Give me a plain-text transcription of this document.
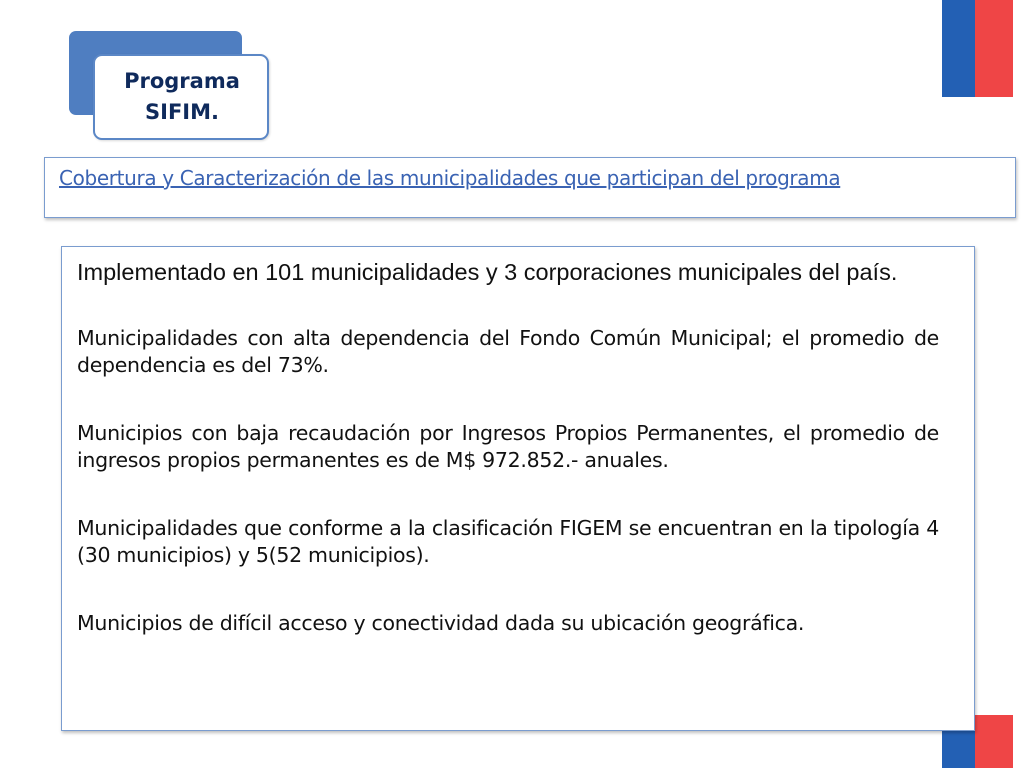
Programa
SIFIM.
Cobertura y Caracterización de las municipalidades que participan del programa

Implementado en 101 municipalidades y 3 corporaciones municipales del país.

Municipalidades con alta dependencia del Fondo Común Municipal; el promedio de dependencia es del 73%.

Municipios con baja recaudación por Ingresos Propios Permanentes, el promedio de ingresos propios permanentes es de M$ 972.852.- anuales.

Municipalidades que conforme a la clasificación FIGEM se encuentran en la tipología 4 (30 municipios) y 5(52 municipios).

Municipios de difícil acceso y conectividad dada su ubicación geográfica.
